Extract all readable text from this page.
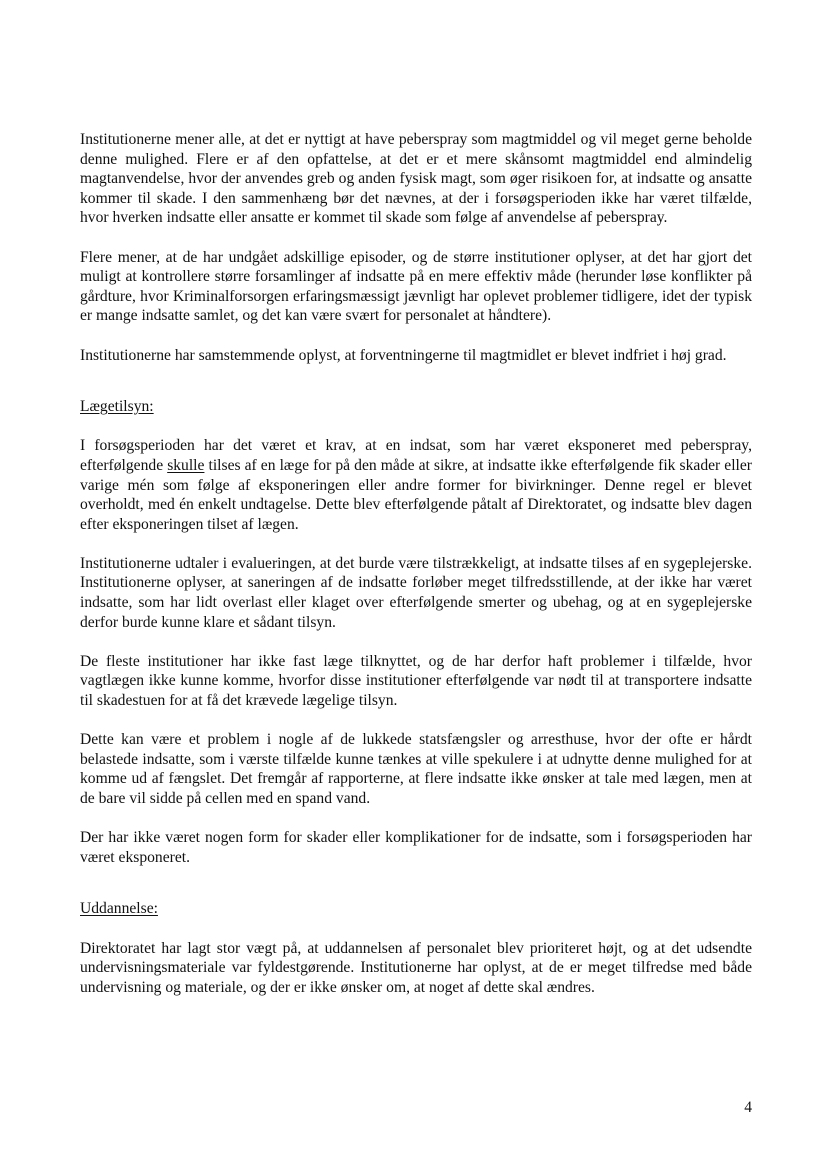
Institutionerne mener alle, at det er nyttigt at have peberspray som magtmiddel og vil meget gerne beholde denne mulighed. Flere er af den opfattelse, at det er et mere skånsomt magtmiddel end almindelig magtanvendelse, hvor der anvendes greb og anden fysisk magt, som øger risikoen for, at indsatte og ansatte kommer til skade. I den sammenhæng bør det nævnes, at der i forsøgsperioden ikke har været tilfælde, hvor hverken indsatte eller ansatte er kommet til skade som følge af anvendelse af peberspray.

Flere mener, at de har undgået adskillige episoder, og de større institutioner oplyser, at det har gjort det muligt at kontrollere større forsamlinger af indsatte på en mere effektiv måde (herunder løse konflikter på gårdture, hvor Kriminalforsorgen erfaringsmæssigt jævnligt har oplevet problemer tidligere, idet der typisk er mange indsatte samlet, og det kan være svært for personalet at håndtere).

Institutionerne har samstemmende oplyst, at forventningerne til magtmidlet er blevet indfriet i høj grad.

Lægetilsyn:

I forsøgsperioden har det været et krav, at en indsat, som har været eksponeret med peberspray, efterfølgende skulle tilses af en læge for på den måde at sikre, at indsatte ikke efterfølgende fik skader eller varige mén som følge af eksponeringen eller andre former for bivirkninger. Denne regel er blevet overholdt, med én enkelt undtagelse. Dette blev efterfølgende påtalt af Direktoratet, og indsatte blev dagen efter eksponeringen tilset af lægen.

Institutionerne udtaler i evalueringen, at det burde være tilstrækkeligt, at indsatte tilses af en sygeplejerske. Institutionerne oplyser, at saneringen af de indsatte forløber meget tilfredsstillende, at der ikke har været indsatte, som har lidt overlast eller klaget over efterfølgende smerter og ubehag, og at en sygeplejerske derfor burde kunne klare et sådant tilsyn.

De fleste institutioner har ikke fast læge tilknyttet, og de har derfor haft problemer i tilfælde, hvor vagtlægen ikke kunne komme, hvorfor disse institutioner efterfølgende var nødt til at transportere indsatte til skadestuen for at få det krævede lægelige tilsyn.

Dette kan være et problem i nogle af de lukkede statsfængsler og arresthuse, hvor der ofte er hårdt belastede indsatte, som i værste tilfælde kunne tænkes at ville spekulere i at udnytte denne mulighed for at komme ud af fængslet. Det fremgår af rapporterne, at flere indsatte ikke ønsker at tale med lægen, men at de bare vil sidde på cellen med en spand vand.

Der har ikke været nogen form for skader eller komplikationer for de indsatte, som i forsøgsperioden har været eksponeret.

Uddannelse:

Direktoratet har lagt stor vægt på, at uddannelsen af personalet blev prioriteret højt, og at det udsendte undervisningsmateriale var fyldestgørende. Institutionerne har oplyst, at de er meget tilfredse med både undervisning og materiale, og der er ikke ønsker om, at noget af dette skal ændres.

4
